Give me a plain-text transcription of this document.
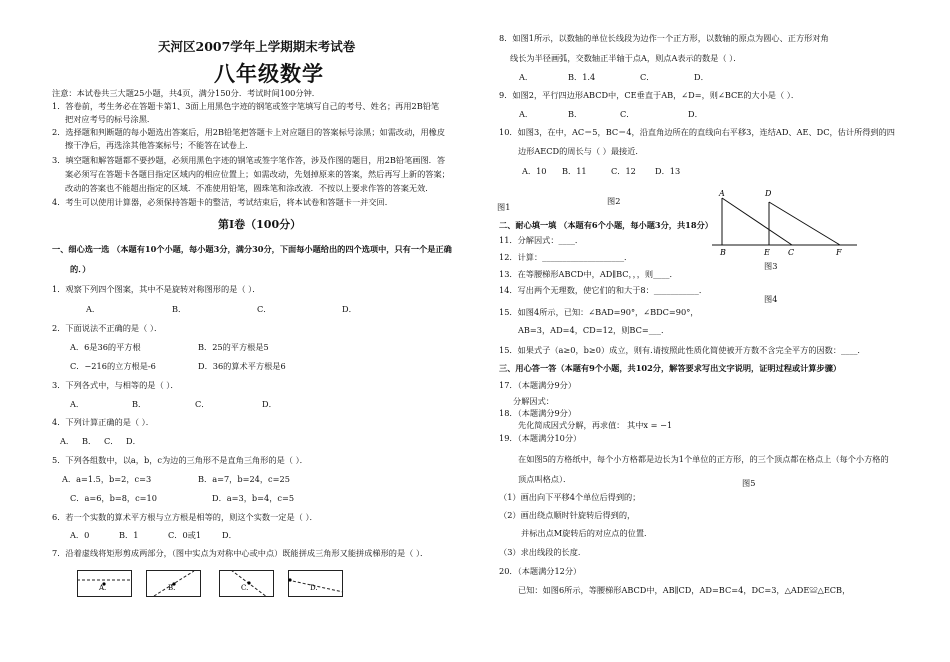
天河区2007学年上学期期末考试卷
八年级数学
注意：本试卷共三大题25小题，共4页，满分150分．考试时间100分钟．
1．答卷前，考生务必在答题卡第1、3面上用黑色字迹的钢笔或签字笔填写自己的考号、姓名；再用2B铅笔
把对应考号的标号涂黑．
2．选择题和判断题的每小题选出答案后，用2B铅笔把答题卡上对应题目的答案标号涂黑；如需改动，用橡皮
擦干净后，再选涂其他答案标号；不能答在试卷上．
3．填空题和解答题都不要抄题，必须用黑色字迹的钢笔或签字笔作答，涉及作图的题目，用2B铅笔画图．答
案必须写在答题卡各题目指定区域内的相应位置上；如需改动，先划掉原来的答案，然后再写上新的答案；
改动的答案也不能超出指定的区域．不准使用铅笔，圆珠笔和涂改液．不按以上要求作答的答案无效．
4．考生可以使用计算器，必须保持答题卡的整洁，考试结束后，将本试卷和答题卡一并交回．
第Ⅰ卷（100分）
一、细心选一选 （本题有10个小题，每小题3分，满分30分，下面每小题给出的四个选项中，只有一个是正确
的．）
1．观察下列四个图案，其中不是旋转对称图形的是（ ）．
A．	B．	C．	D．
2．下面说法不正确的是（ ）．
A．6是36的平方根	B．25的平方根是5
C．−216的立方根是-6	D．36的算术平方根是6
3．下列各式中，与相等的是（ ）．
A．	B．	C．	D．
4．下列计算正确的是（ ）．
A． B． C． D．
5．下列各组数中，以a，b，c为边的三角形不是直角三角形的是（ ）．
A．a=1.5，b=2，c=3	B．a=7，b=24，c=25
C．a=6，b=8，c=10	D．a=3，b=4，c=5
6．若一个实数的算术平方根与立方根是相等的，则这个实数一定是（ ）．
A．0	B．1	C．0或1	D．
7．沿着虚线将矩形剪成两部分，（图中实点为对称中心或中点）既能拼成三角形又能拼成梯形的是（ ）．
A.	B.	C.	D.
8．如图1所示，以数轴的单位长线段为边作一个正方形，以数轴的原点为圆心、正方形对角
线长为半径画弧，交数轴正半轴于点A，则点A表示的数是（ ）．
A．	B．1.4	C．	D．
9．如图2，平行四边形ABCD中，CE垂直于AB，∠D=，则∠BCE的大小是（ ）．
A．	B．	C．	D．
10．如图3，在中，AC＝5，BC＝4，沿直角边所在的直线向右平移3，连结AD、AE、DC，估计所得到的四
边形AECD的周长与（ ）最接近．
A．10 B．11	C．12 D．13
图1
图2
A	D
B	E C	F
图3
图4
二、耐心填一填 （本题有6个小题，每小题3分，共18分）
11．分解因式：____．
12．计算：____________________．
13．在等腰梯形ABCD中，AD∥BC，，，则____．
14．写出两个无理数，使它们的和大于8：___________．
15．如图4所示，已知：∠BAD=90°，∠BDC=90°，
AB=3，AD=4，CD=12，则BC=___．
15．如果式子（a≥0，b≥0）成立，则有.请按照此性质化简使被开方数不含完全平方的因数：____．
三、用心答一答（本题有9个小题，共102分，解答要求写出文字说明，证明过程或计算步骤）
17．（本题满分9分）
分解因式：
18．（本题满分9分）
先化简成因式分解，再求值： 其中x = −1
19．（本题满分10分）
在如图5的方格纸中，每个小方格都是边长为1个单位的正方形，的三个顶点都在格点上（每个小方格的
顶点叫格点）．	图5
（1）画出向下平移4个单位后得到的；
（2）画出绕点顺时针旋转后得到的，
并标出点M旋转后的对应点的位置．
（3）求出线段的长度．
20．（本题满分12分）
已知：如图6所示，等腰梯形ABCD中，AB∥CD，AD=BC=4，DC=3，△ADE≌△ECB，
